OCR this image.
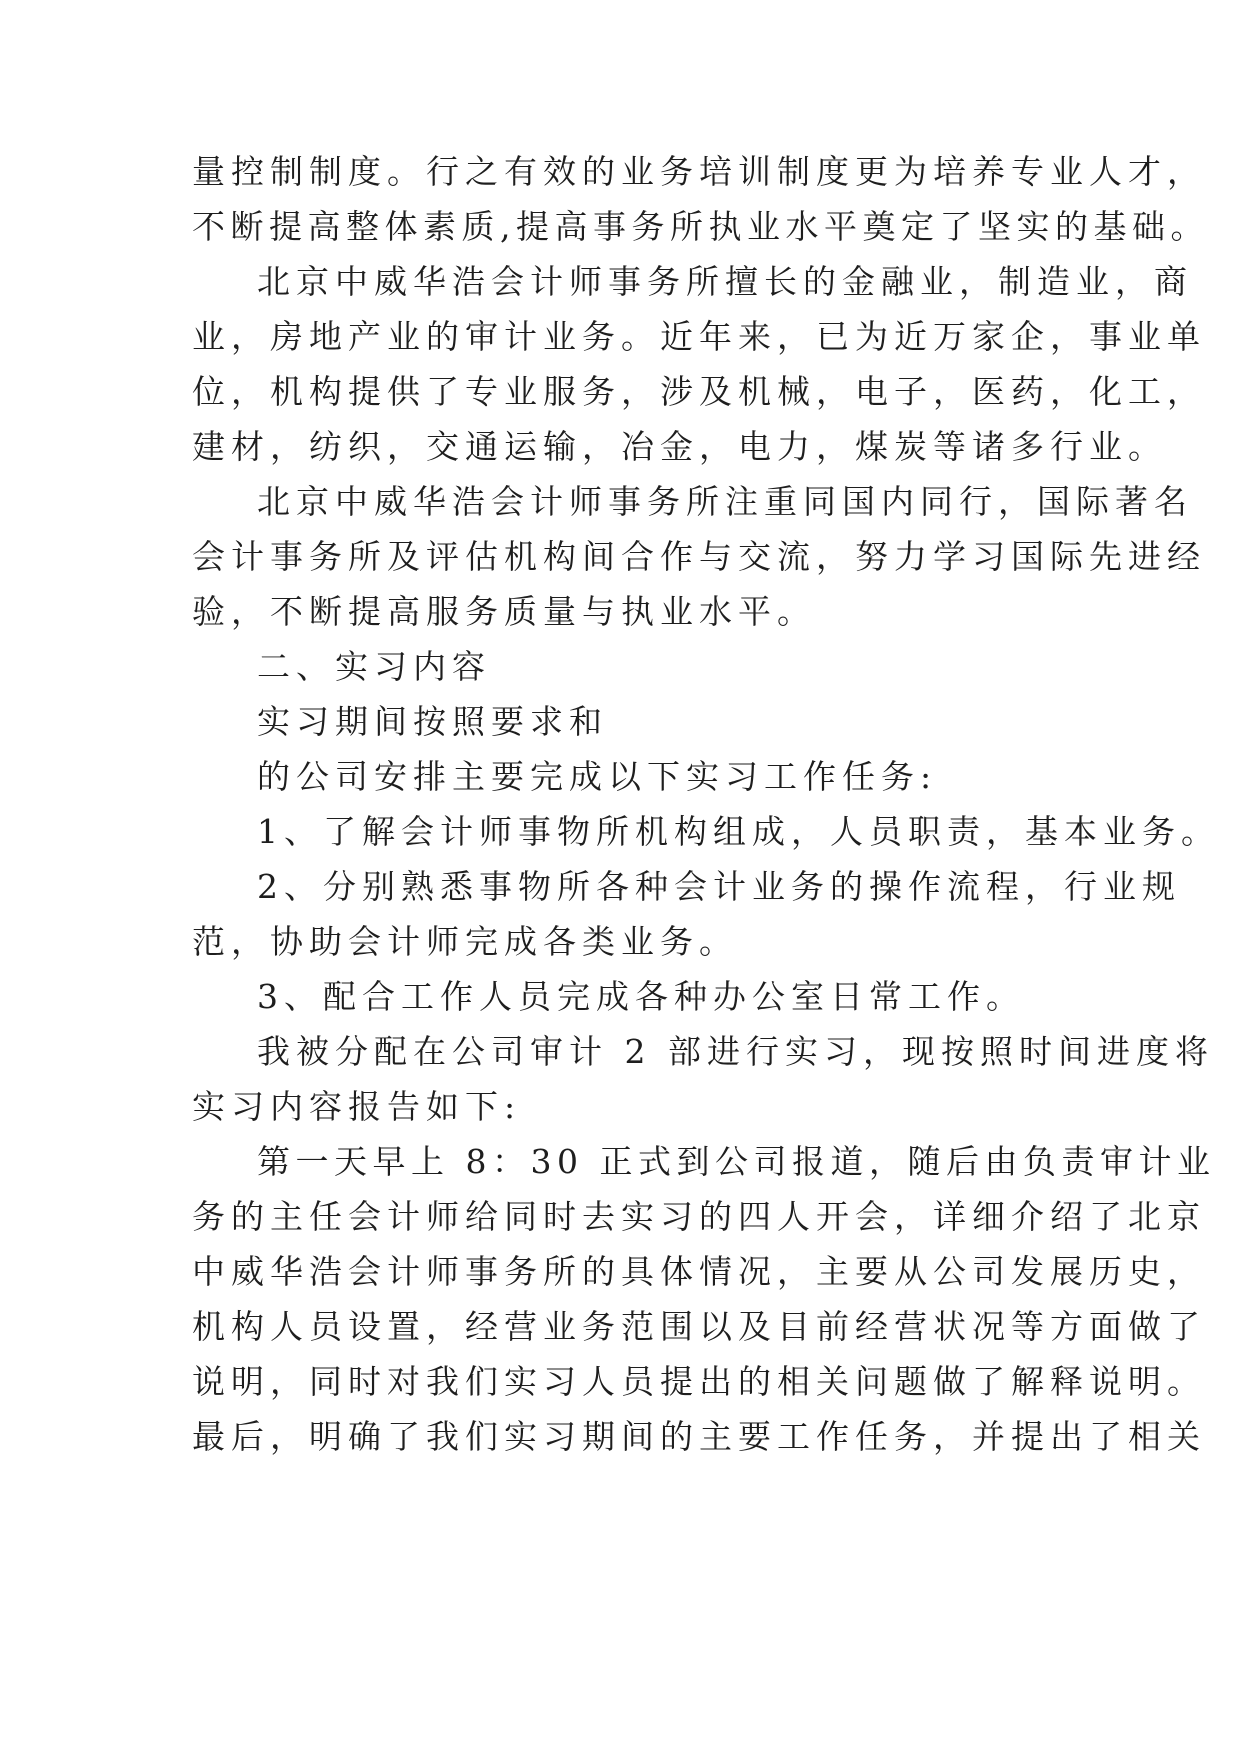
量控制制度。行之有效的业务培训制度更为培养专业人才，
不断提高整体素质,提高事务所执业水平奠定了坚实的基础。
北京中威华浩会计师事务所擅长的金融业，制造业，商
业，房地产业的审计业务。近年来，已为近万家企，事业单
位，机构提供了专业服务，涉及机械，电子，医药，化工，
建材，纺织，交通运输，冶金，电力，煤炭等诸多行业。
北京中威华浩会计师事务所注重同国内同行，国际著名
会计事务所及评估机构间合作与交流，努力学习国际先进经
验，不断提高服务质量与执业水平。
二、实习内容
实习期间按照要求和
的公司安排主要完成以下实习工作任务:
1、了解会计师事物所机构组成，人员职责，基本业务。
2、分别熟悉事物所各种会计业务的操作流程，行业规
范，协助会计师完成各类业务。
3、配合工作人员完成各种办公室日常工作。
我被分配在公司审计 2 部进行实习，现按照时间进度将
实习内容报告如下:
第一天早上 8：30 正式到公司报道，随后由负责审计业
务的主任会计师给同时去实习的四人开会，详细介绍了北京
中威华浩会计师事务所的具体情况，主要从公司发展历史，
机构人员设置，经营业务范围以及目前经营状况等方面做了
说明，同时对我们实习人员提出的相关问题做了解释说明。
最后，明确了我们实习期间的主要工作任务，并提出了相关
